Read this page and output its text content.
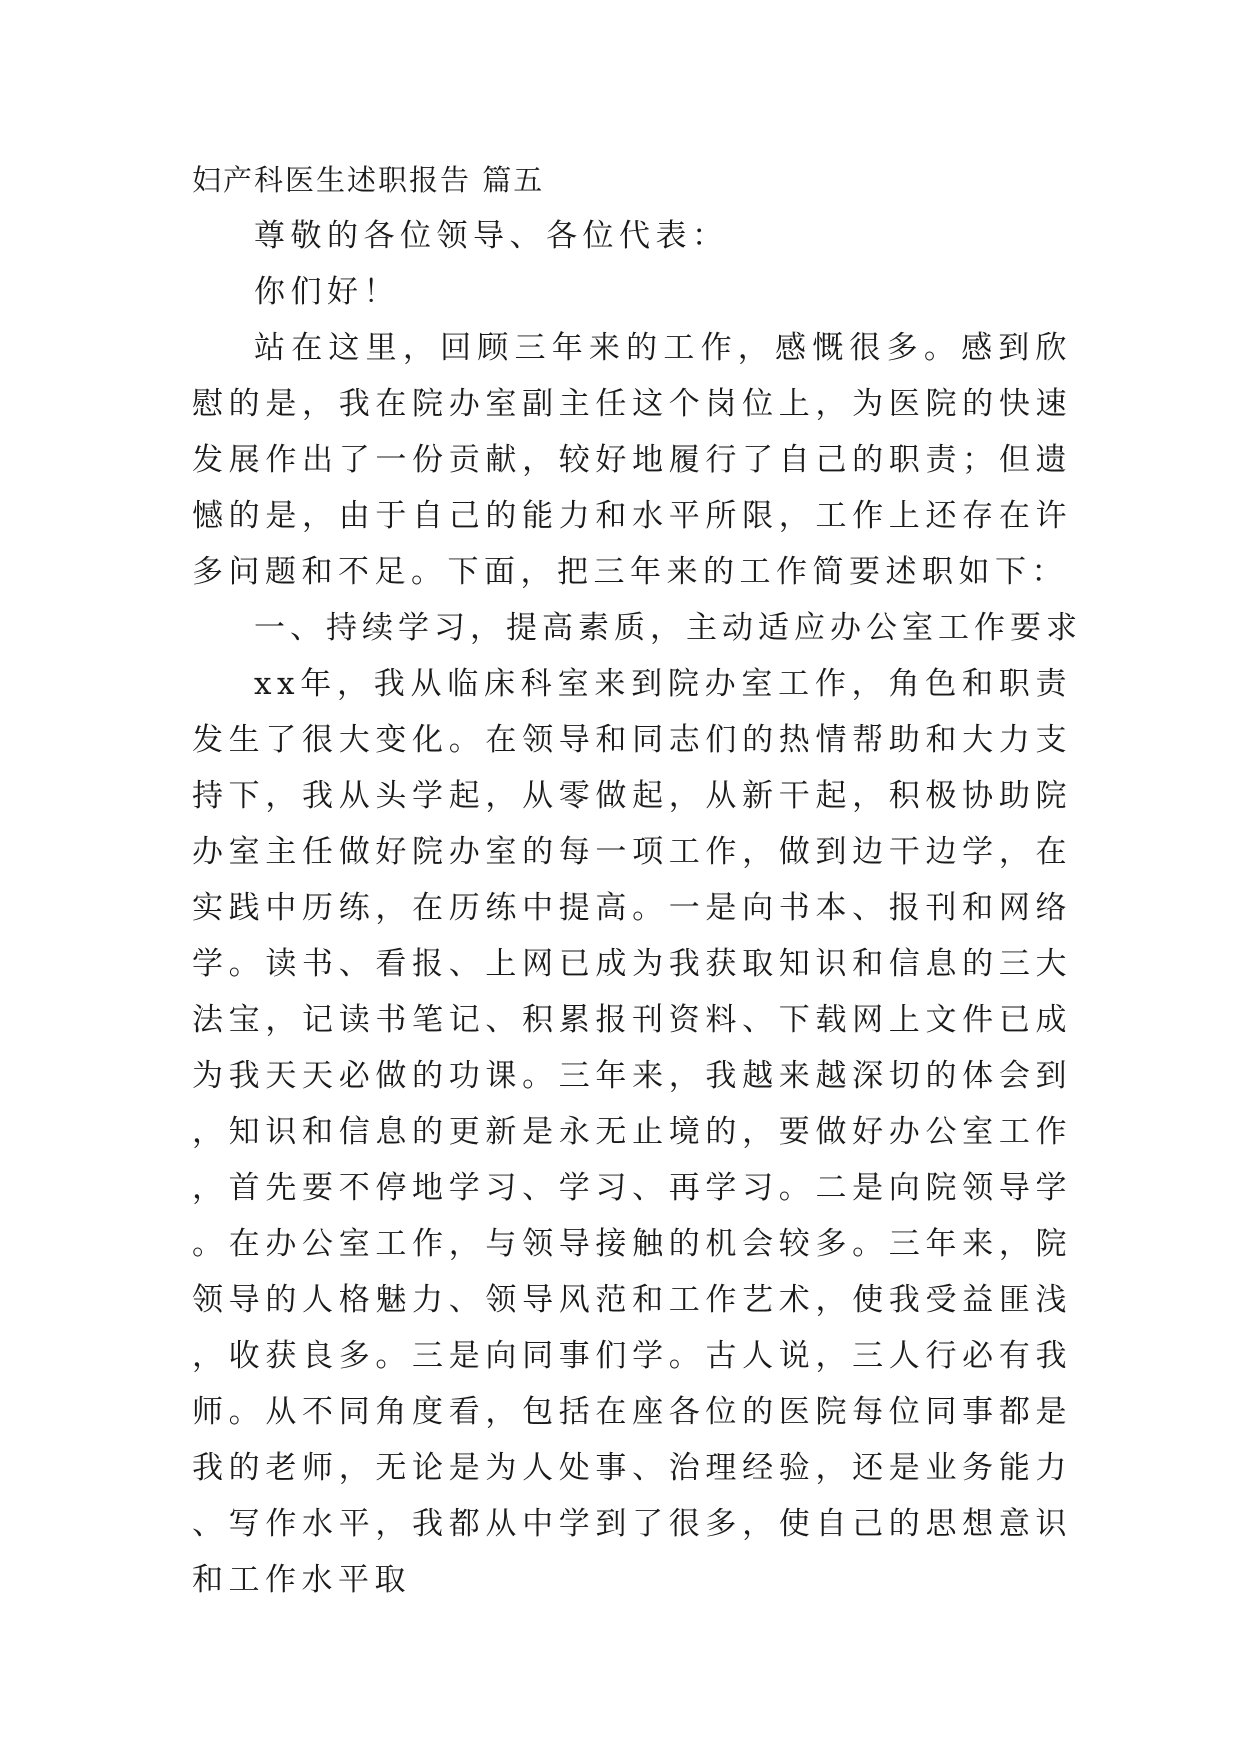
妇产科医生述职报告 篇五

尊敬的各位领导、各位代表：

你们好！

站在这里，回顾三年来的工作，感慨很多。感到欣慰的是，我在院办室副主任这个岗位上，为医院的快速发展作出了一份贡献，较好地履行了自己的职责；但遗憾的是，由于自己的能力和水平所限，工作上还存在许多问题和不足。下面，把三年来的工作简要述职如下：

一、持续学习，提高素质，主动适应办公室工作要求

xx年，我从临床科室来到院办室工作，角色和职责发生了很大变化。在领导和同志们的热情帮助和大力支持下，我从头学起，从零做起，从新干起，积极协助院办室主任做好院办室的每一项工作，做到边干边学，在实践中历练，在历练中提高。一是向书本、报刊和网络学。读书、看报、上网已成为我获取知识和信息的三大法宝，记读书笔记、积累报刊资料、下载网上文件已成为我天天必做的功课。三年来，我越来越深切的体会到，知识和信息的更新是永无止境的，要做好办公室工作，首先要不停地学习、学习、再学习。二是向院领导学。在办公室工作，与领导接触的机会较多。三年来，院领导的人格魅力、领导风范和工作艺术，使我受益匪浅，收获良多。三是向同事们学。古人说，三人行必有我师。从不同角度看，包括在座各位的医院每位同事都是我的老师，无论是为人处事、治理经验，还是业务能力、写作水平，我都从中学到了很多，使自己的思想意识和工作水平取
